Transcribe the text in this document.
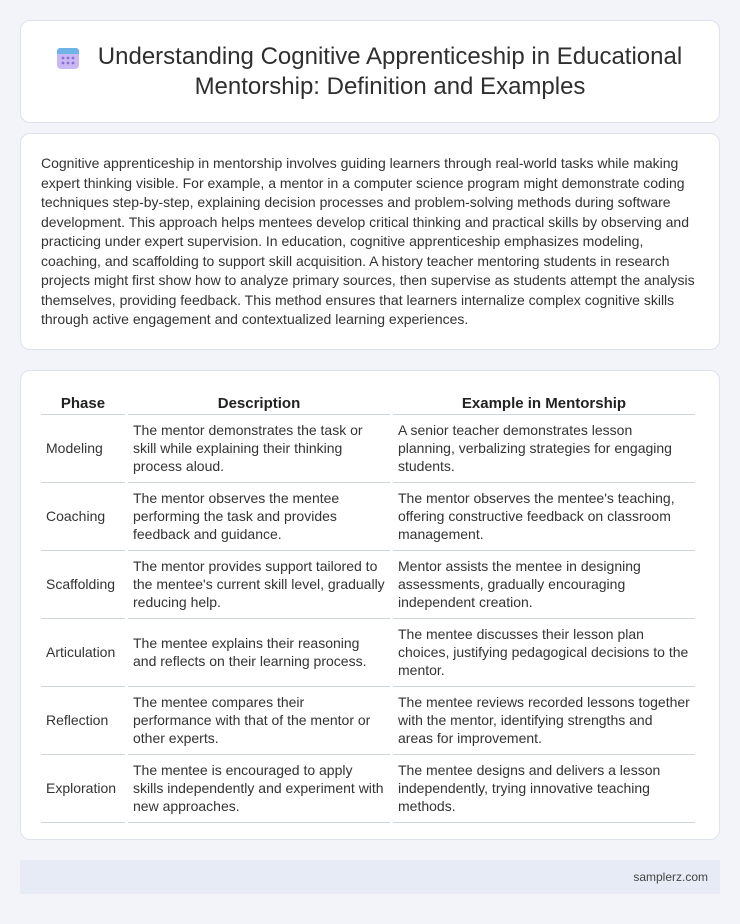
Understanding Cognitive Apprenticeship in Educational Mentorship: Definition and Examples

Cognitive apprenticeship in mentorship involves guiding learners through real-world tasks while making expert thinking visible. For example, a mentor in a computer science program might demonstrate coding techniques step-by-step, explaining decision processes and problem-solving methods during software development. This approach helps mentees develop critical thinking and practical skills by observing and practicing under expert supervision. In education, cognitive apprenticeship emphasizes modeling, coaching, and scaffolding to support skill acquisition. A history teacher mentoring students in research projects might first show how to analyze primary sources, then supervise as students attempt the analysis themselves, providing feedback. This method ensures that learners internalize complex cognitive skills through active engagement and contextualized learning experiences.

Phase	Description	Example in Mentorship
Modeling	The mentor demonstrates the task or skill while explaining their thinking process aloud.	A senior teacher demonstrates lesson planning, verbalizing strategies for engaging students.
Coaching	The mentor observes the mentee performing the task and provides feedback and guidance.	The mentor observes the mentee's teaching, offering constructive feedback on classroom management.
Scaffolding	The mentor provides support tailored to the mentee's current skill level, gradually reducing help.	Mentor assists the mentee in designing assessments, gradually encouraging independent creation.
Articulation	The mentee explains their reasoning and reflects on their learning process.	The mentee discusses their lesson plan choices, justifying pedagogical decisions to the mentor.
Reflection	The mentee compares their performance with that of the mentor or other experts.	The mentee reviews recorded lessons together with the mentor, identifying strengths and areas for improvement.
Exploration	The mentee is encouraged to apply skills independently and experiment with new approaches.	The mentee designs and delivers a lesson independently, trying innovative teaching methods.
samplerz.com
